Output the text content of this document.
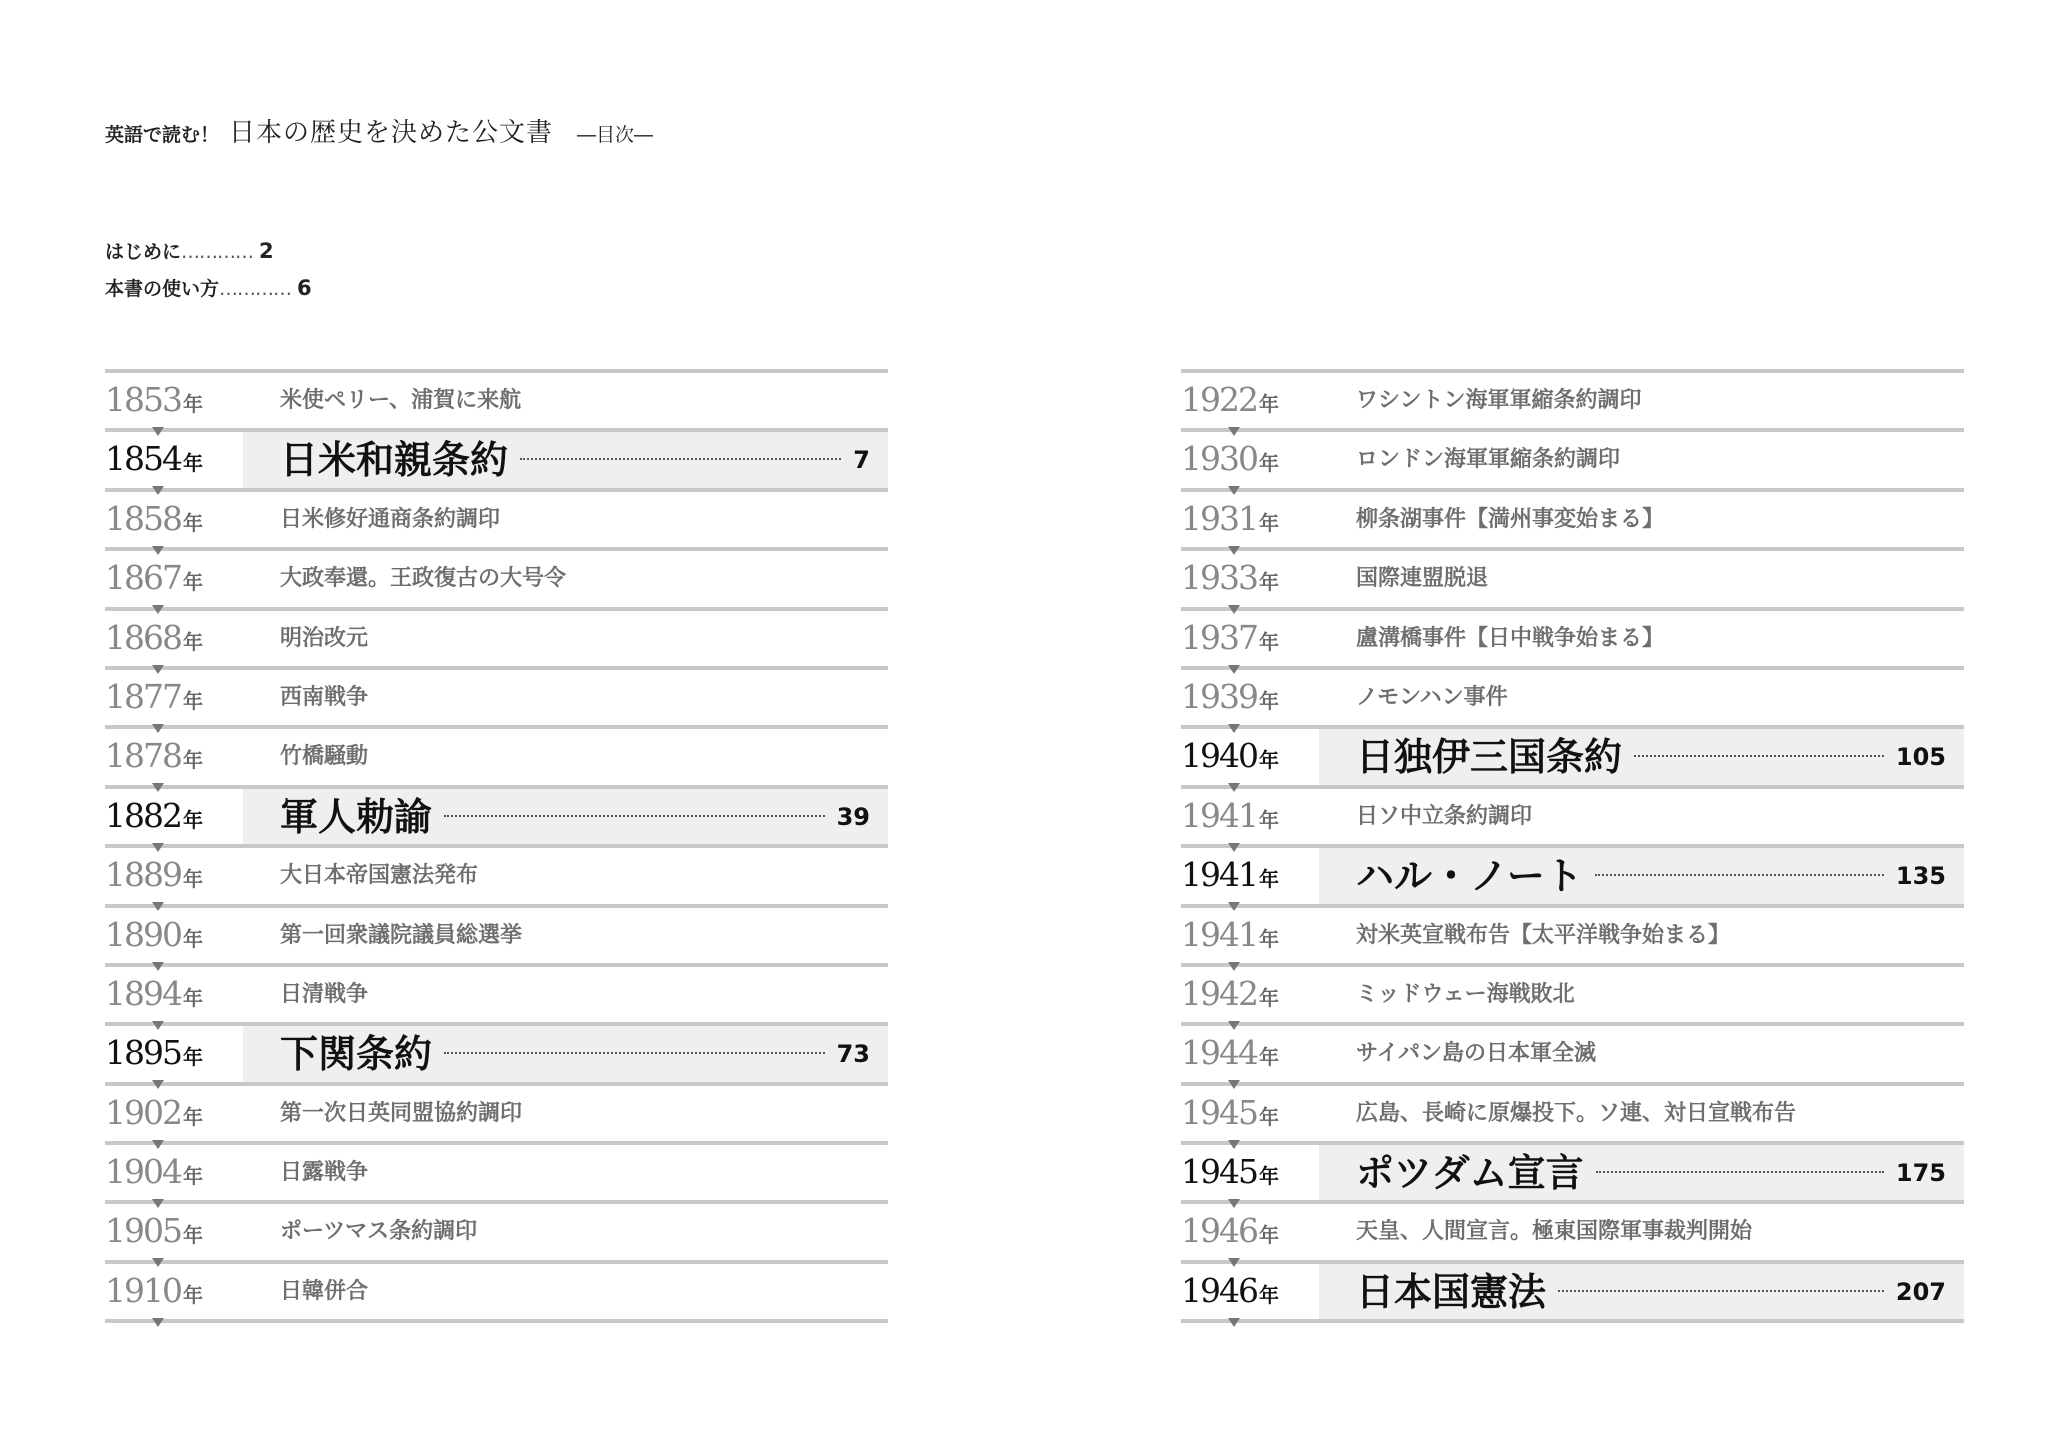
英語で読む！ 日本の歴史を決めた公文書 ―目次―
はじめに………… 2
本書の使い方………… 6
1853 年	米使ペリー、浦賀に来航
1854 年 日米和親条約	7
1858 年	日米修好通商条約調印
1867 年	大政奉還。王政復古の大号令
1868 年	明治改元
1877 年	西南戦争
1878 年	竹橋騒動
1882 年 軍人勅諭	39
1889 年	大日本帝国憲法発布
1890 年	第一回衆議院議員総選挙
1894 年	日清戦争
1895 年 下関条約	73
1902 年	第一次日英同盟協約調印
1904 年	日露戦争
1905 年	ポーツマス条約調印
1910 年	日韓併合
1922 年	ワシントン海軍軍縮条約調印
1930 年	ロンドン海軍軍縮条約調印
1931 年	柳条湖事件【満州事変始まる】
1933 年	国際連盟脱退
1937 年	盧溝橋事件【日中戦争始まる】
1939 年	ノモンハン事件
1940 年 日独伊三国条約	105
1941 年	日ソ中立条約調印
1941 年 ハル・ノート	135
1941 年	対米英宣戦布告【太平洋戦争始まる】
1942 年	ミッドウェー海戦敗北
1944 年	サイパン島の日本軍全滅
1945 年	広島、長崎に原爆投下。ソ連、対日宣戦布告
1945 年 ポツダム宣言	175
1946 年	天皇、人間宣言。極東国際軍事裁判開始
1946 年 日本国憲法	207
